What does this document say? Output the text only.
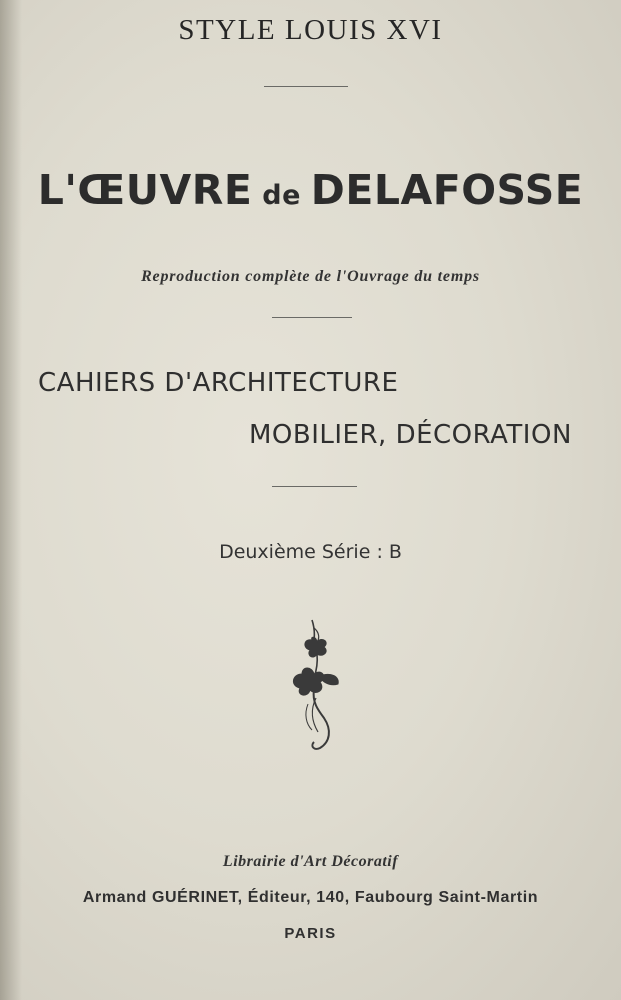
STYLE LOUIS XVI
L'ŒUVRE de DELAFOSSE
Reproduction complète de l'Ouvrage du temps
CAHIERS D'ARCHITECTURE
MOBILIER, DÉCORATION
Deuxième Série : B
Librairie d'Art Décoratif
Armand GUÉRINET, Éditeur, 140, Faubourg Saint-Martin
PARIS
